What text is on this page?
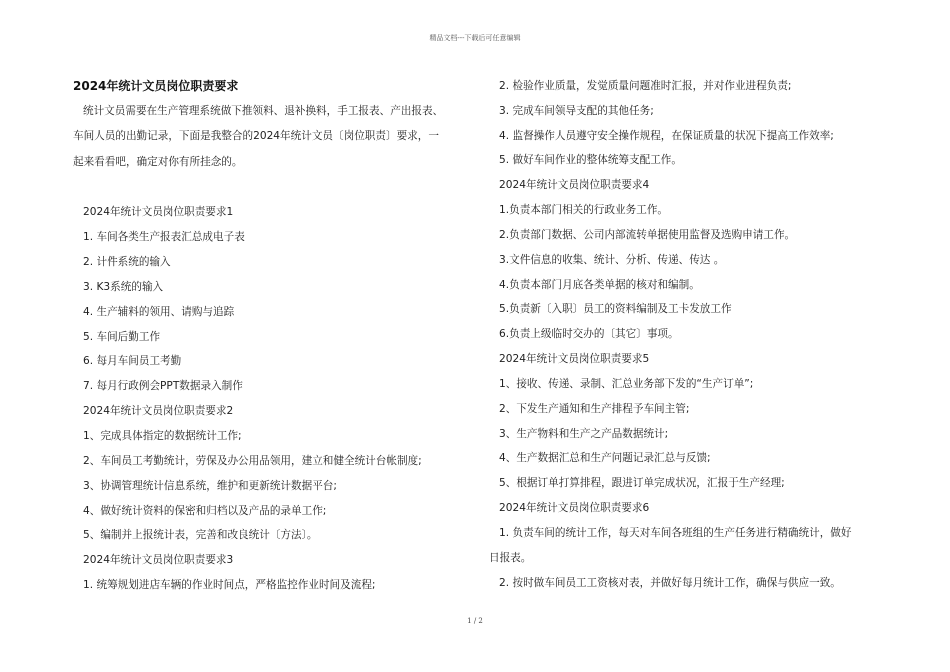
精品文档---下载后可任意编辑
2024年统计文员岗位职责要求
统计文员需要在生产管理系统做下推领料、退补换料，手工报表、产出报表、
车间人员的出勤记录，下面是我整合的2024年统计文员〔岗位职责〕要求，一
起来看看吧，确定对你有所挂念的。
2024年统计文员岗位职责要求1
1. 车间各类生产报表汇总成电子表
2. 计件系统的输入
3. K3系统的输入
4. 生产辅料的领用、请购与追踪
5. 车间后勤工作
6. 每月车间员工考勤
7. 每月行政例会PPT数据录入制作
2024年统计文员岗位职责要求2
1、完成具体指定的数据统计工作;
2、车间员工考勤统计，劳保及办公用品领用，建立和健全统计台帐制度;
3、协调管理统计信息系统，维护和更新统计数据平台;
4、做好统计资料的保密和归档以及产品的录单工作;
5、编制并上报统计表，完善和改良统计〔方法〕。
2024年统计文员岗位职责要求3
1. 统筹规划进店车辆的作业时间点，严格监控作业时间及流程;
2. 检验作业质量，发觉质量问题准时汇报，并对作业进程负责;
3. 完成车间领导支配的其他任务;
4. 监督操作人员遵守安全操作规程，在保证质量的状况下提高工作效率;
5. 做好车间作业的整体统筹支配工作。
2024年统计文员岗位职责要求4
1.负责本部门相关的行政业务工作。
2.负责部门数据、公司内部流转单据使用监督及选购申请工作。
3.文件信息的收集、统计、分析、传递、传达 。
4.负责本部门月底各类单据的核对和编制。
5.负责新〔入职〕员工的资料编制及工卡发放工作
6.负责上级临时交办的〔其它〕事项。
2024年统计文员岗位职责要求5
1、接收、传递、录制、汇总业务部下发的“生产订单”;
2、下发生产通知和生产排程予车间主管;
3、生产物料和生产之产品数据统计;
4、生产数据汇总和生产问题记录汇总与反馈;
5、根据订单打算排程，跟进订单完成状况，汇报于生产经理;
2024年统计文员岗位职责要求6
1. 负责车间的统计工作，每天对车间各班组的生产任务进行精确统计，做好
日报表。
2. 按时做车间员工工资核对表，并做好每月统计工作，确保与供应一致。
1 / 2
